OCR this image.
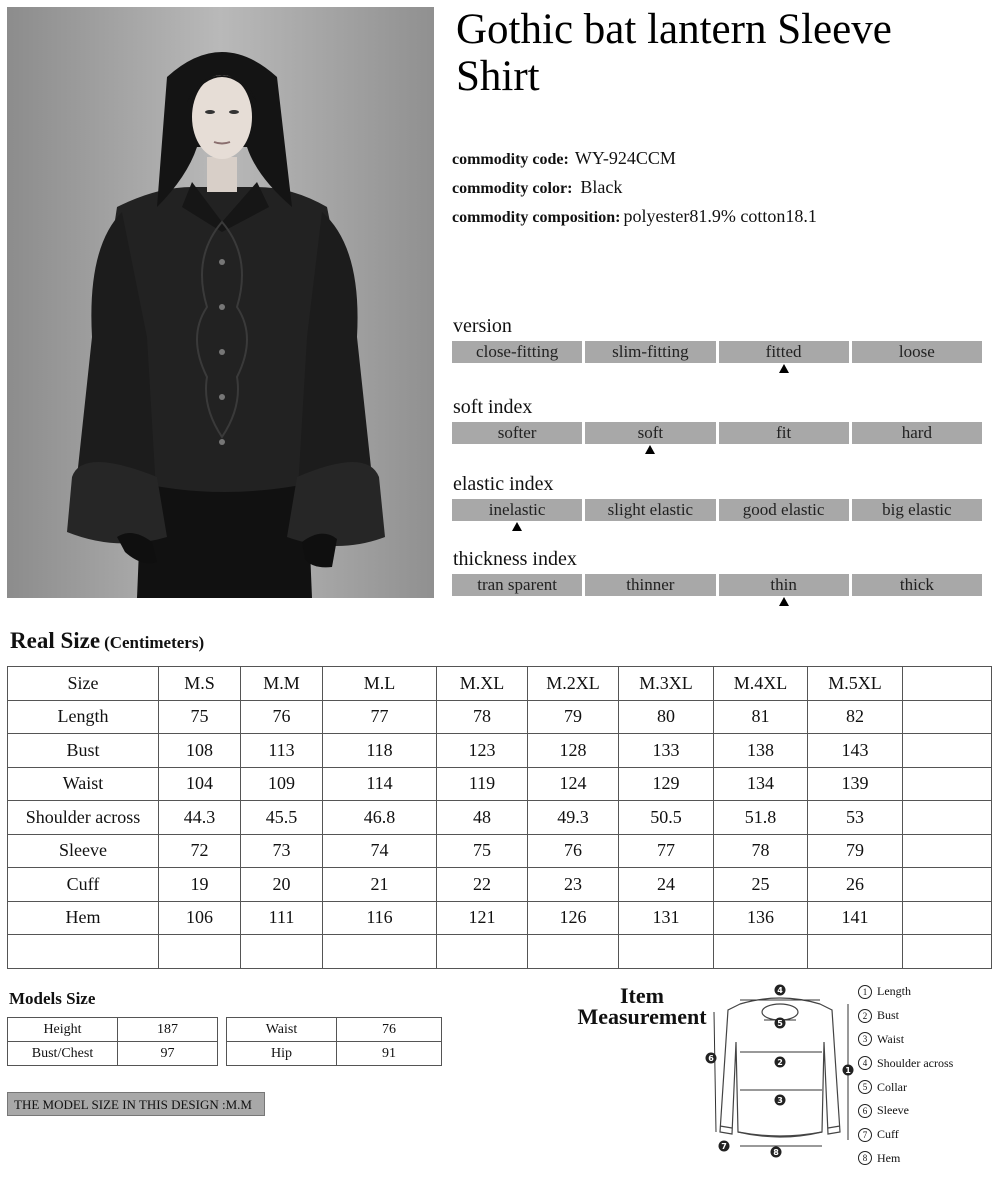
Gothic bat lantern Sleeve Shirt
commodity code: WY-924CCM
commodity color: Black
commodity composition: polyester81.9% cotton18.1
version
close-fitting	slim-fitting	fitted	loose
soft index
softer	soft	fit	hard
elastic index
inelastic	slight elastic	good elastic	big elastic
thickness index
tran sparent	thinner	thin	thick
Real Size (Centimeters)
Size	M.S	M.M	M.L	M.XL	M.2XL	M.3XL	M.4XL	M.5XL	
Length	75	76	77	78	79	80	81	82	
Bust	108	113	118	123	128	133	138	143	
Waist	104	109	114	119	124	129	134	139	
Shoulder across	44.3	45.5	46.8	48	49.3	50.5	51.8	53	
Sleeve	72	73	74	75	76	77	78	79	
Cuff	19	20	21	22	23	24	25	26	
Hem	106	111	116	121	126	131	136	141	

Models Size
Height	187
Bust/Chest	97
Waist	76
Hip	91
THE MODEL SIZE IN THIS DESIGN :M.M
Item
Measurement
4
5
2
3
6
1
7
8
1 Length
2 Bust
3 Waist
4 Shoulder across
5 Collar
6 Sleeve
7 Cuff
8 Hem
